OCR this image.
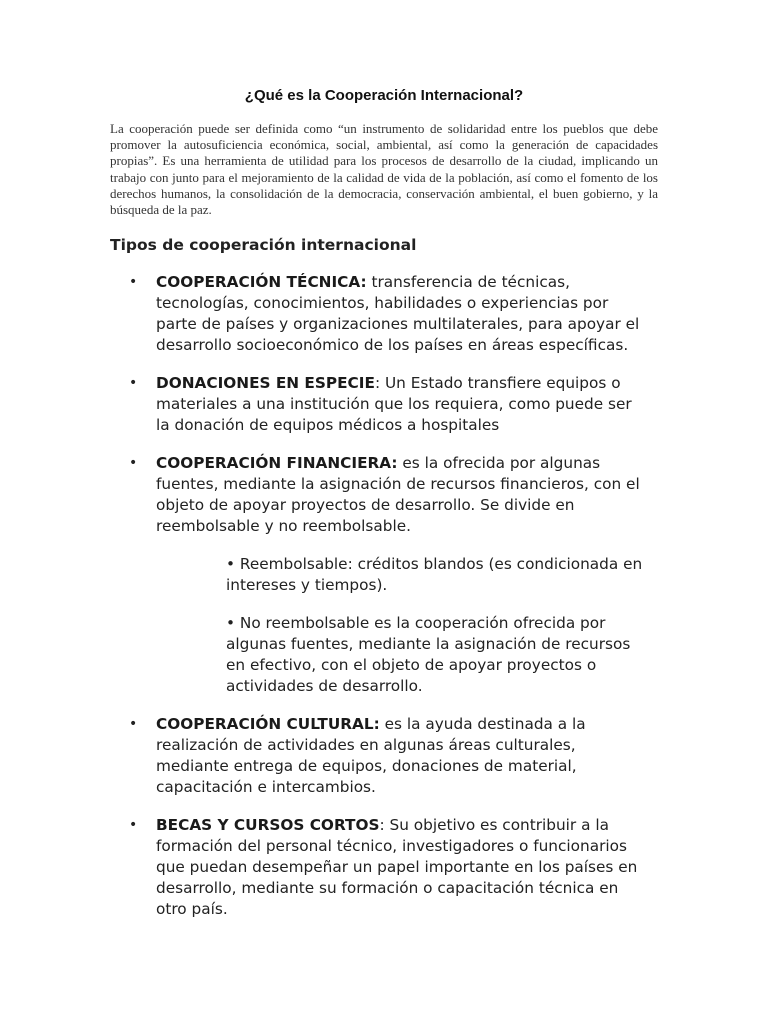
¿Qué es la Cooperación Internacional?

La cooperación puede ser definida como “un instrumento de solidaridad entre los pueblos que debe promover la autosuficiencia económica, social, ambiental, así como la generación de capacidades propias”. Es una herramienta de utilidad para los procesos de desarrollo de la ciudad, implicando un trabajo con junto para el mejoramiento de la calidad de vida de la población, así como el fomento de los derechos humanos, la consolidación de la democracia, conservación ambiental, el buen gobierno, y la búsqueda de la paz.

Tipos de cooperación internacional
• COOPERACIÓN TÉCNICA: transferencia de técnicas, tecnologías, conocimientos, habilidades o experiencias por parte de países y organizaciones multilaterales, para apoyar el desarrollo socioeconómico de los países en áreas específicas.
• DONACIONES EN ESPECIE: Un Estado transfiere equipos o materiales a una institución que los requiera, como puede ser la donación de equipos médicos a hospitales
• COOPERACIÓN FINANCIERA: es la ofrecida por algunas fuentes, mediante la asignación de recursos financieros, con el objeto de apoyar proyectos de desarrollo. Se divide en reembolsable y no reembolsable.
• Reembolsable: créditos blandos (es condicionada en intereses y tiempos).
• No reembolsable es la cooperación ofrecida por algunas fuentes, mediante la asignación de recursos en efectivo, con el objeto de apoyar proyectos o actividades de desarrollo.
• COOPERACIÓN CULTURAL: es la ayuda destinada a la realización de actividades en algunas áreas culturales, mediante entrega de equipos, donaciones de material, capacitación e intercambios.
• BECAS Y CURSOS CORTOS: Su objetivo es contribuir a la formación del personal técnico, investigadores o funcionarios que puedan desempeñar un papel importante en los países en desarrollo, mediante su formación o capacitación técnica en otro país.
